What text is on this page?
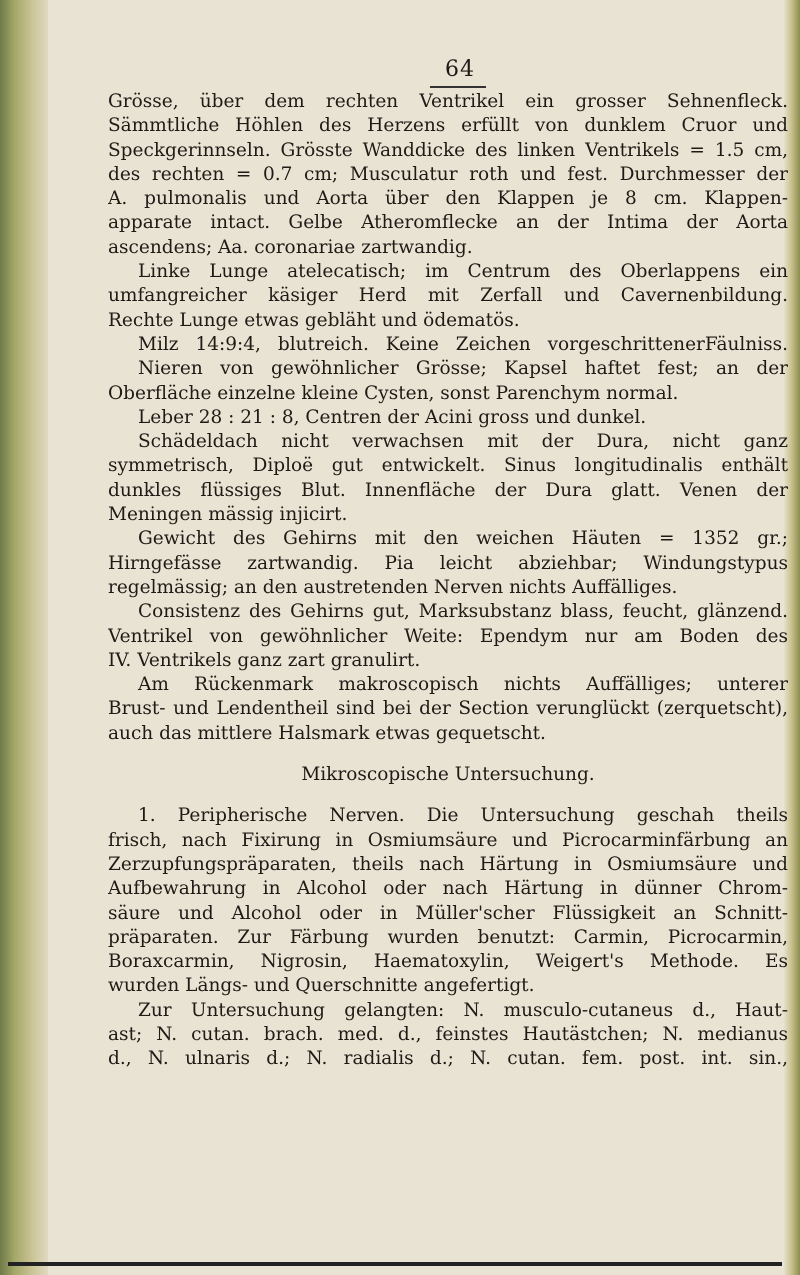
64
Grösse, über dem rechten Ventrikel ein grosser Sehnenfleck.
Sämmtliche Höhlen des Herzens erfüllt von dunklem Cruor und
Speckgerinnseln. Grösste Wanddicke des linken Ventrikels = 1.5 cm,
des rechten = 0.7 cm; Musculatur roth und fest. Durchmesser der
A. pulmonalis und Aorta über den Klappen je 8 cm. Klappen-
apparate intact. Gelbe Atheromflecke an der Intima der Aorta
ascendens; Aa. coronariae zartwandig.
Linke Lunge atelecatisch; im Centrum des Oberlappens ein
umfangreicher käsiger Herd mit Zerfall und Cavernenbildung.
Rechte Lunge etwas gebläht und ödematös.
Milz 14:9:4, blutreich. Keine Zeichen vorgeschrittenerFäulniss.
Nieren von gewöhnlicher Grösse; Kapsel haftet fest; an der
Oberfläche einzelne kleine Cysten, sonst Parenchym normal.
Leber 28 : 21 : 8, Centren der Acini gross und dunkel.
Schädeldach nicht verwachsen mit der Dura, nicht ganz
symmetrisch, Diploë gut entwickelt. Sinus longitudinalis enthält
dunkles flüssiges Blut. Innenfläche der Dura glatt. Venen der
Meningen mässig injicirt.
Gewicht des Gehirns mit den weichen Häuten = 1352 gr.;
Hirngefässe zartwandig. Pia leicht abziehbar; Windungstypus
regelmässig; an den austretenden Nerven nichts Auffälliges.
Consistenz des Gehirns gut, Marksubstanz blass, feucht, glänzend.
Ventrikel von gewöhnlicher Weite: Ependym nur am Boden des
IV. Ventrikels ganz zart granulirt.
Am Rückenmark makroscopisch nichts Auffälliges; unterer
Brust- und Lendentheil sind bei der Section verunglückt (zerquetscht),
auch das mittlere Halsmark etwas gequetscht.
Mikroscopische Untersuchung.
1. Peripherische Nerven. Die Untersuchung geschah theils
frisch, nach Fixirung in Osmiumsäure und Picrocarminfärbung an
Zerzupfungspräparaten, theils nach Härtung in Osmiumsäure und
Aufbewahrung in Alcohol oder nach Härtung in dünner Chrom-
säure und Alcohol oder in Müller'scher Flüssigkeit an Schnitt-
präparaten. Zur Färbung wurden benutzt: Carmin, Picrocarmin,
Boraxcarmin, Nigrosin, Haematoxylin, Weigert's Methode. Es
wurden Längs- und Querschnitte angefertigt.
Zur Untersuchung gelangten: N. musculo-cutaneus d., Haut-
ast; N. cutan. brach. med. d., feinstes Hautästchen; N. medianus
d., N. ulnaris d.; N. radialis d.; N. cutan. fem. post. int. sin.,
